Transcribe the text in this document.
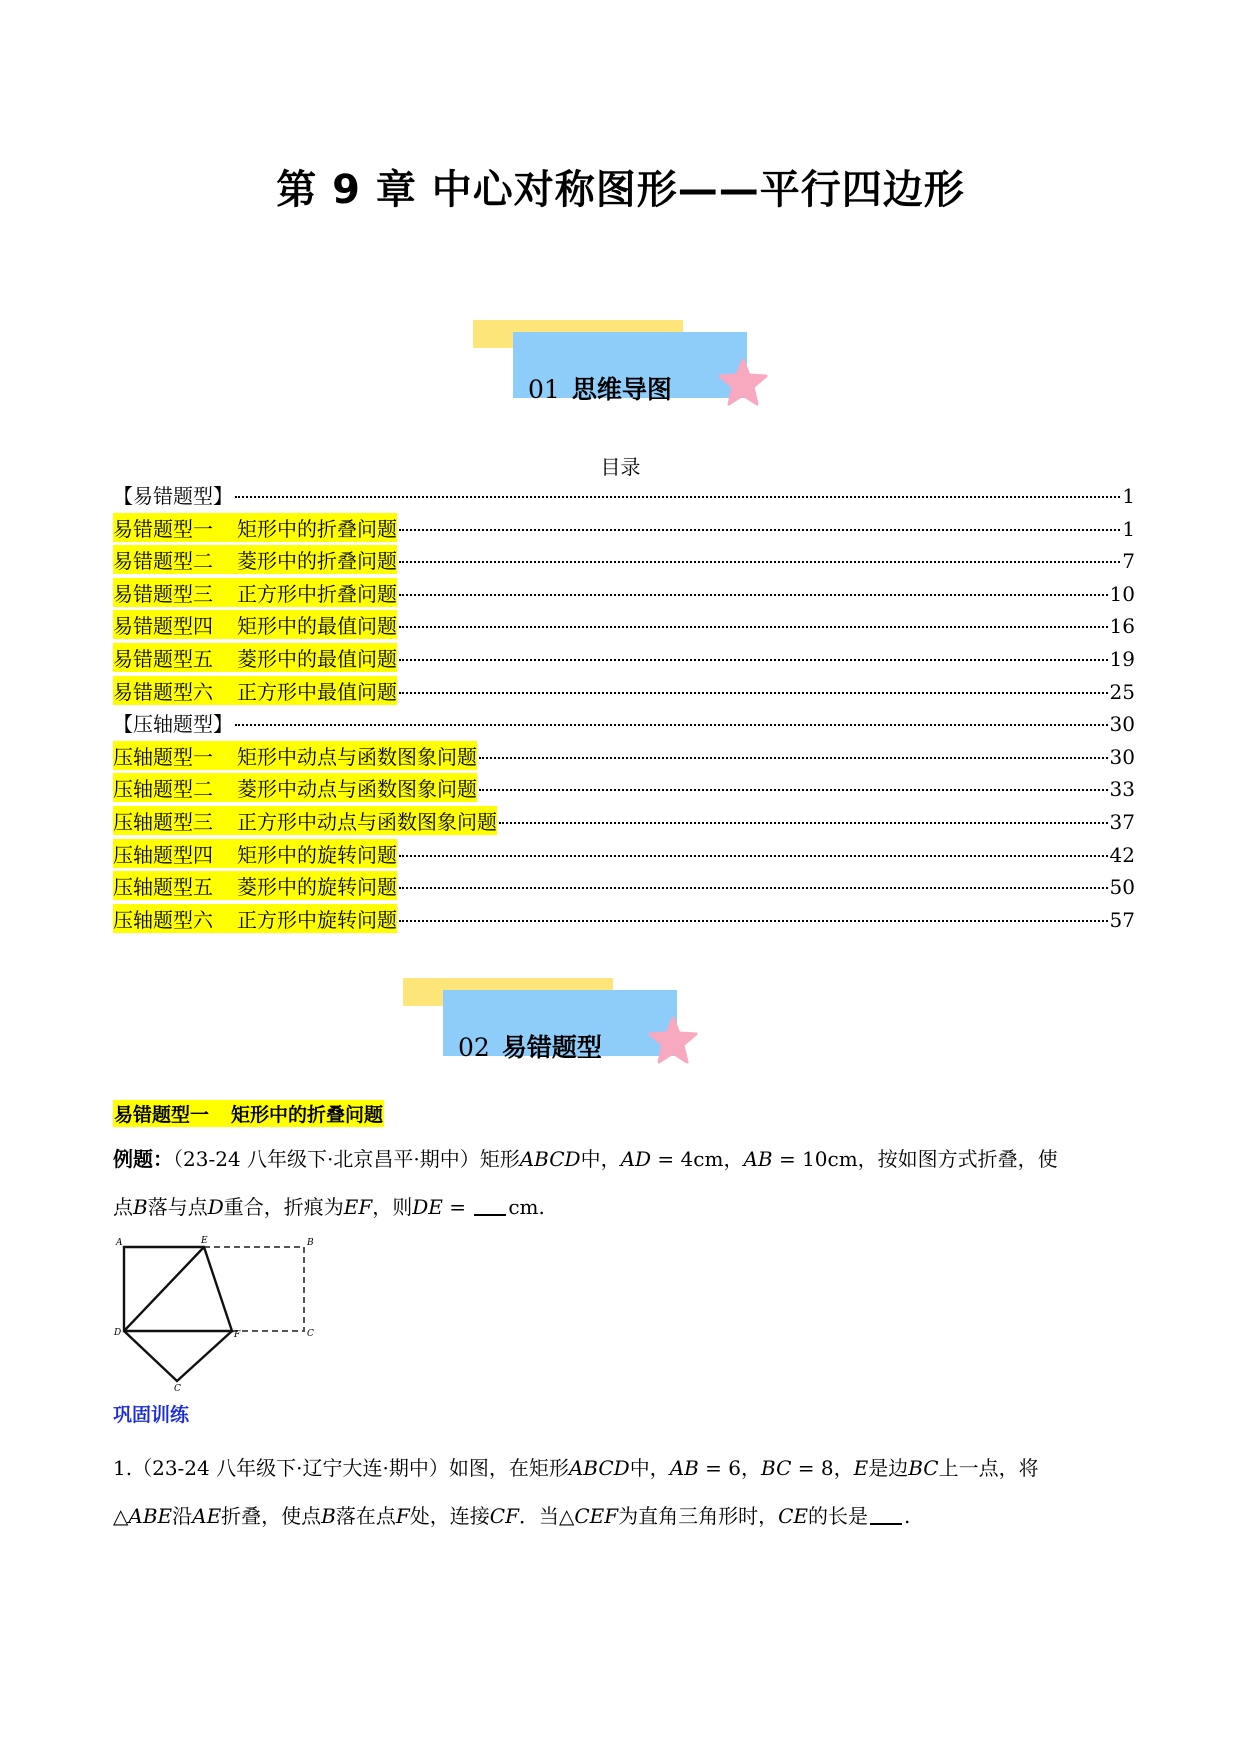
第 9 章 中心对称图形——平行四边形
01 思维导图
目录
【易错题型】	1
易错题型一 矩形中的折叠问题	1
易错题型二 菱形中的折叠问题	7
易错题型三 正方形中折叠问题	10
易错题型四 矩形中的最值问题	16
易错题型五 菱形中的最值问题	19
易错题型六 正方形中最值问题	25
【压轴题型】	30
压轴题型一 矩形中动点与函数图象问题	30
压轴题型二 菱形中动点与函数图象问题	33
压轴题型三 正方形中动点与函数图象问题	37
压轴题型四 矩形中的旋转问题	42
压轴题型五 菱形中的旋转问题	50
压轴题型六 正方形中旋转问题	57
02 易错题型
易错题型一 矩形中的折叠问题
例题：（23-24 八年级下·北京昌平·期中）矩形ABCD中，AD = 4cm，AB = 10cm，按如图方式折叠，使
点B落与点D重合，折痕为EF，则DE = cm.
A	E	B
D	F	C
C
巩固训练
1.（23-24 八年级下·辽宁大连·期中）如图，在矩形ABCD中，AB = 6，BC = 8，E是边BC上一点，将
△ABE沿AE折叠，使点B落在点F处，连接CF．当△CEF为直角三角形时，CE的长是 .
